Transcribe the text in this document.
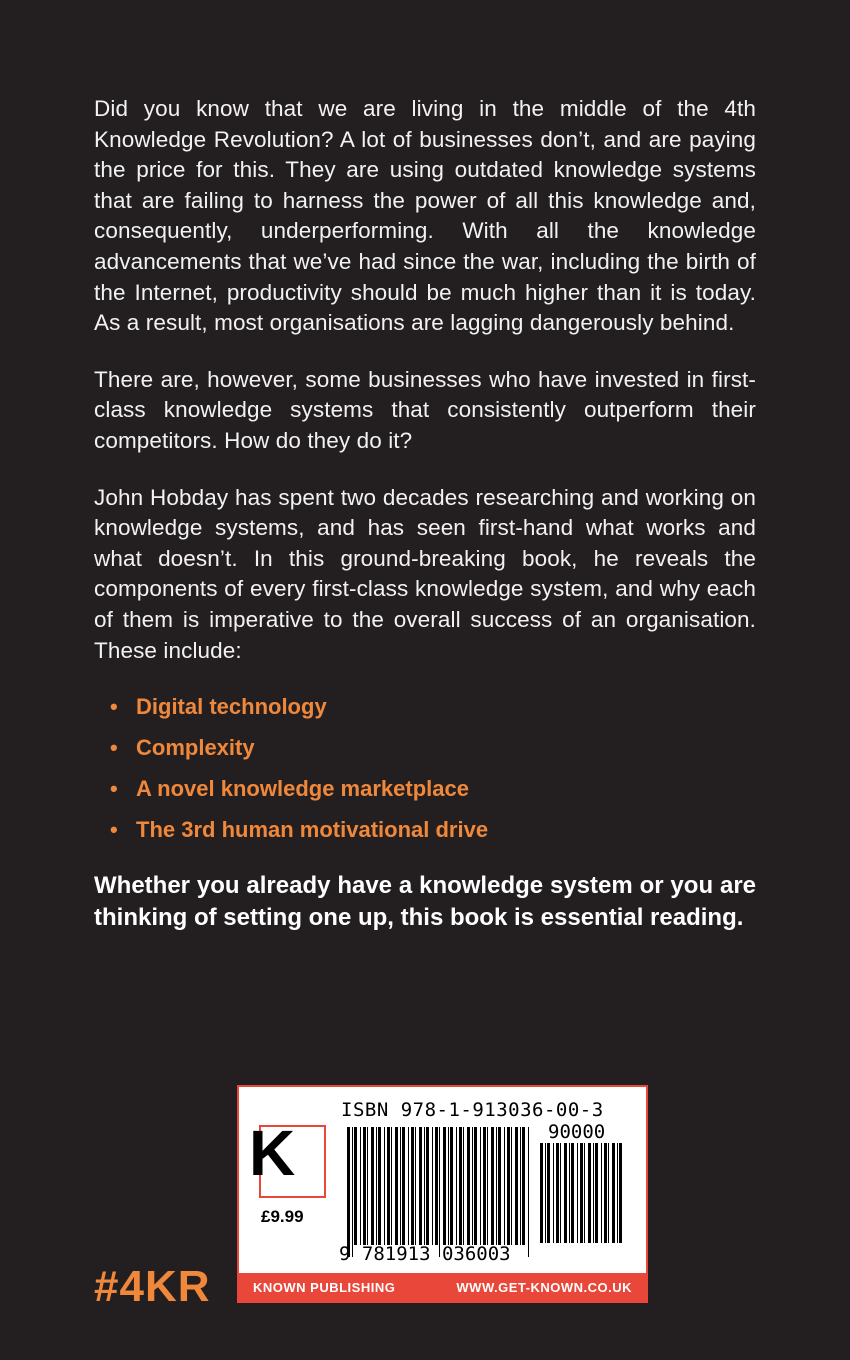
Did you know that we are living in the middle of the 4th Knowledge Revolution? A lot of businesses don’t, and are paying the price for this. They are using outdated knowledge systems that are failing to harness the power of all this knowledge and, consequently, underperforming. With all the knowledge advancements that we’ve had since the war, including the birth of the Internet, productivity should be much higher than it is today. As a result, most organisations are lagging dangerously behind.

There are, however, some businesses who have invested in first-class knowledge systems that consistently outperform their competitors. How do they do it?

John Hobday has spent two decades researching and working on knowledge systems, and has seen first-hand what works and what doesn’t. In this ground-breaking book, he reveals the components of every first-class knowledge system, and why each of them is imperative to the overall success of an organisation. These include:

• Digital technology
• Complexity
• A novel knowledge marketplace
• The 3rd human motivational drive

Whether you already have a knowledge system or you are thinking of setting one up, this book is essential reading.

#4KR
ISBN 978-1-913036-00-3
K
£9.99
90000
9 781913 036003
KNOWN PUBLISHING	WWW.GET-KNOWN.CO.UK
